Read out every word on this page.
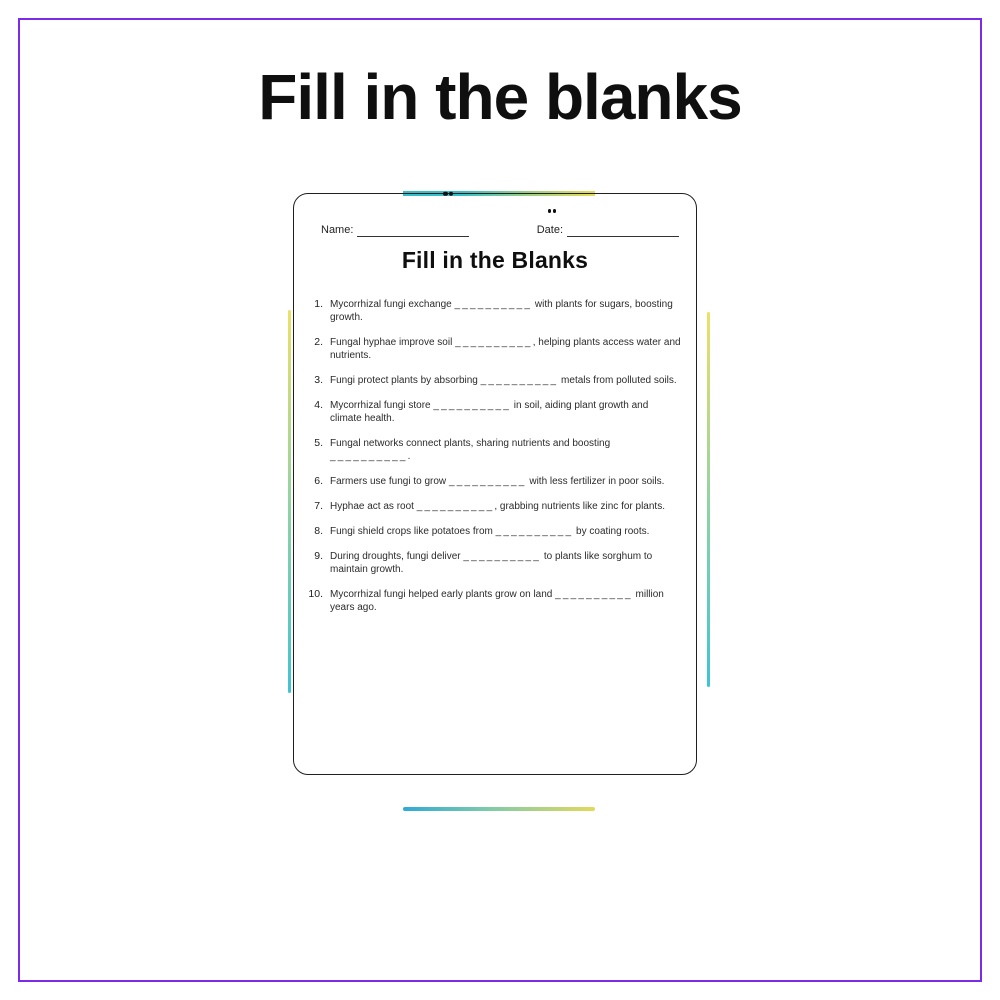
Fill in the blanks
Name:	Date:
Fill in the Blanks
1. Mycorrhizal fungi exchange __________ with plants for sugars, boosting growth.

2. Fungal hyphae improve soil __________, helping plants access water and nutrients.

3. Fungi protect plants by absorbing __________ metals from polluted soils.

4. Mycorrhizal fungi store __________ in soil, aiding plant growth and climate health.

5. Fungal networks connect plants, sharing nutrients and boosting __________.

6. Farmers use fungi to grow __________ with less fertilizer in poor soils.

7. Hyphae act as root __________, grabbing nutrients like zinc for plants.

8. Fungi shield crops like potatoes from __________ by coating roots.

9. During droughts, fungi deliver __________ to plants like sorghum to maintain growth.

10. Mycorrhizal fungi helped early plants grow on land __________ million years ago.
